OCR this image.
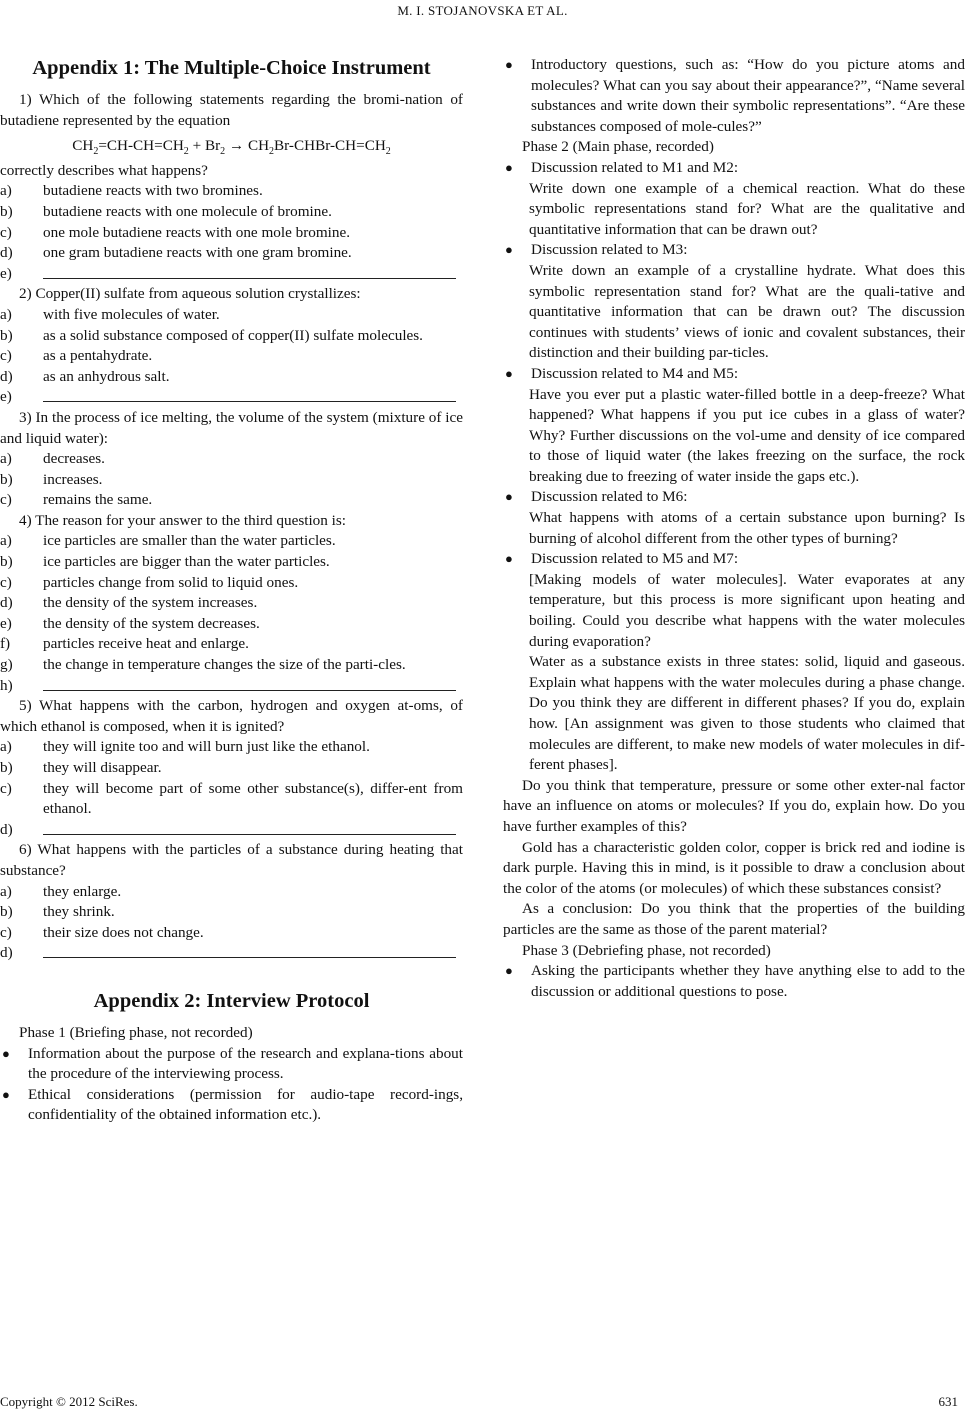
M. I. STOJANOVSKA ET AL.
Appendix 1: The Multiple-Choice Instrument

1) Which of the following statements regarding the bromi-nation of butadiene represented by the equation

$CH_2=CH-CH=CH_2 + Br_2$ → $CH_2Br-CHBr-CH=CH_2$

correctly describes what happens?

a)	butadiene reacts with two bromines.
b)	butadiene reacts with one molecule of bromine.
c)	one mole butadiene reacts with one mole bromine.
d)	one gram butadiene reacts with one gram bromine.
e)

2) Copper(II) sulfate from aqueous solution crystallizes:

a)	with five molecules of water.

b) as a solid substance composed of copper(II) sulfate molecules.

c)	as a pentahydrate.
d)	as an anhydrous salt.
e)

3) In the process of ice melting, the volume of the system (mixture of ice and liquid water):

a)	decreases.
b)	increases.
c)	remains the same.

4) The reason for your answer to the third question is:

a)	ice particles are smaller than the water particles.
b)	ice particles are bigger than the water particles.
c)	particles change from solid to liquid ones.
d)	the density of the system increases.
e)	the density of the system decreases.
f)	particles receive heat and enlarge.

g) the change in temperature changes the size of the parti-cles.

h)

5) What happens with the carbon, hydrogen and oxygen at-oms, of which ethanol is composed, when it is ignited?

a)	they will ignite too and will burn just like the ethanol.
b)	they will disappear.
c)	they will become part of some other substance(s), differ-ent from ethanol.
d)

6) What happens with the particles of a substance during heating that substance?

a)	they enlarge.
b)	they shrink.
c)	their size does not change.
d)
Appendix 2: Interview Protocol

Phase 1 (Briefing phase, not recorded)

●	Information about the purpose of the research and explana-tions about the procedure of the interviewing process.
●	Ethical considerations (permission for audio-tape record-ings, confidentiality of the obtained information etc.).
●	Introductory questions, such as: “How do you picture atoms and molecules? What can you say about their appearance?”, “Name several substances and write down their symbolic representations”. “Are these substances composed of mole-cules?”

Phase 2 (Main phase, recorded)

●	Discussion related to M1 and M2:

Write down one example of a chemical reaction. What do these symbolic representations stand for? What are the qualitative and quantitative information that can be drawn out?

●	Discussion related to M3:

Write down an example of a crystalline hydrate. What does this symbolic representation stand for? What are the quali-tative and quantitative information that can be drawn out? The discussion continues with students’ views of ionic and covalent substances, their distinction and their building par-ticles.

●	Discussion related to M4 and M5:

Have you ever put a plastic water-filled bottle in a deep-freeze? What happened? What happens if you put ice cubes in a glass of water? Why? Further discussions on the vol-ume and density of ice compared to those of liquid water (the lakes freezing on the surface, the rock breaking due to freezing of water inside the gaps etc.).

●	Discussion related to M6:

What happens with atoms of a certain substance upon burning? Is burning of alcohol different from the other types of burning?

●	Discussion related to M5 and M7:

[Making models of water molecules]. Water evaporates at any temperature, but this process is more significant upon heating and boiling. Could you describe what happens with the water molecules during evaporation?

Water as a substance exists in three states: solid, liquid and gaseous. Explain what happens with the water molecules during a phase change. Do you think they are different in different phases? If you do, explain how. [An assignment was given to those students who claimed that molecules are different, to make new models of water molecules in dif-ferent phases].

Do you think that temperature, pressure or some other exter-nal factor have an influence on atoms or molecules? If you do, explain how. Do you have further examples of this?

Gold has a characteristic golden color, copper is brick red and iodine is dark purple. Having this in mind, is it possible to draw a conclusion about the color of the atoms (or molecules) of which these substances consist?

As a conclusion: Do you think that the properties of the building particles are the same as those of the parent material?

Phase 3 (Debriefing phase, not recorded)

●	Asking the participants whether they have anything else to add to the discussion or additional questions to pose.
Copyright © 2012 SciRes.	631
